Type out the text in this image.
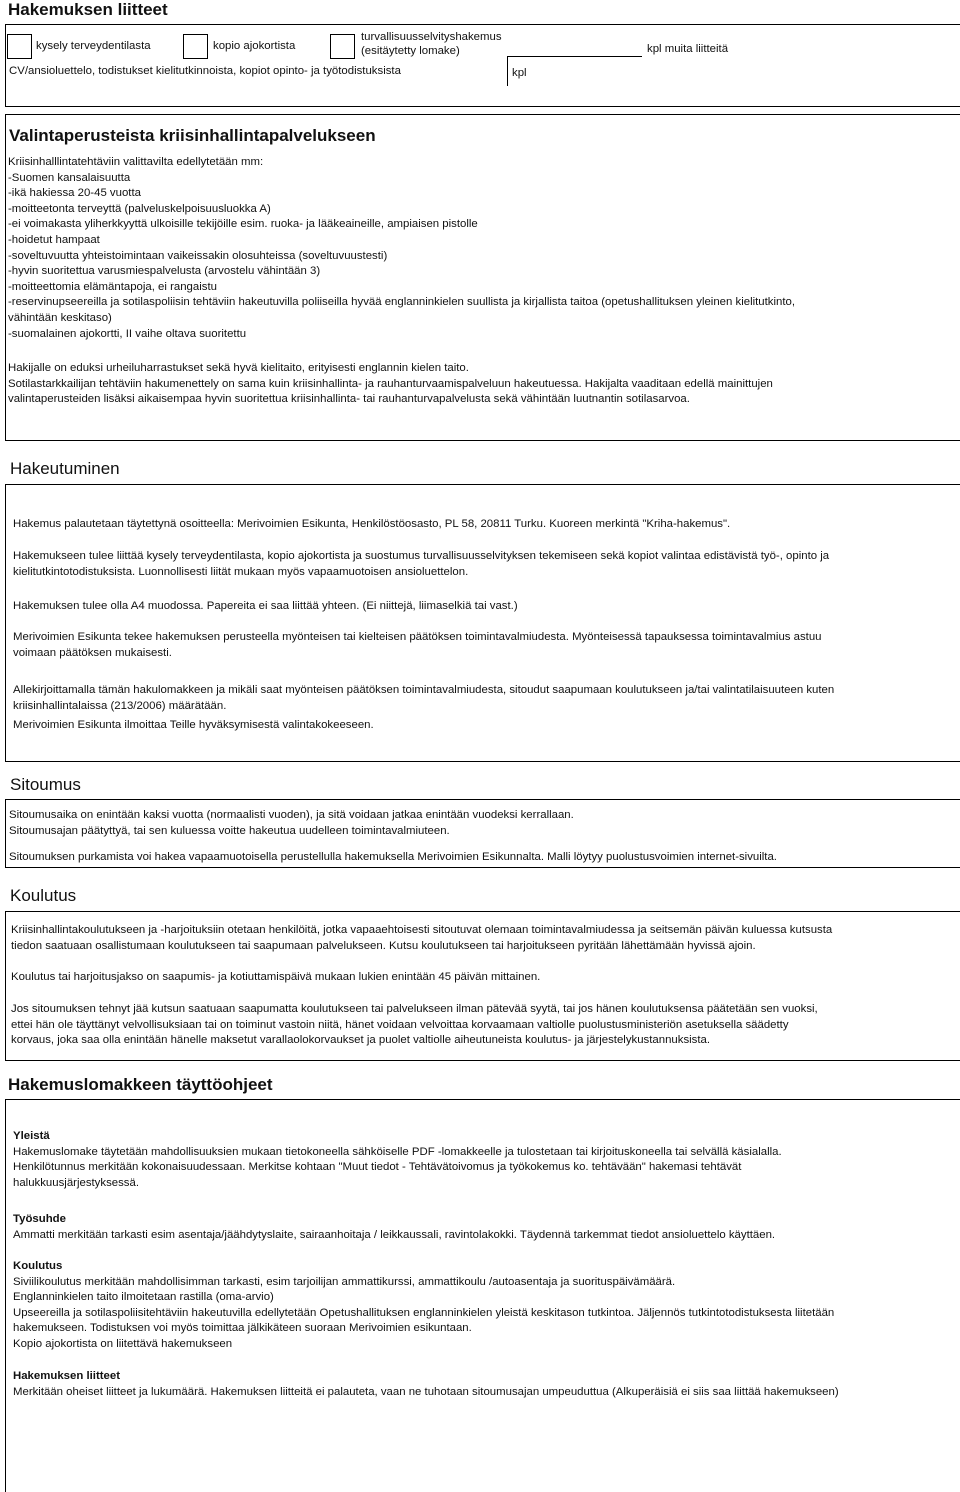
Hakemuksen liitteet
kysely terveydentilasta	kopio ajokortista
turvallisuusselvityshakemus
(esitäytetty lomake)	kpl muita liitteitä
CV/ansioluettelo, todistukset kielitutkinnoista, kopiot opinto- ja työtodistuksista	kpl
Valintaperusteista kriisinhallintapalvelukseen
Kriisinhalllintatehtäviin valittavilta edellytetään mm:
-Suomen kansalaisuutta
-ikä hakiessa 20-45 vuotta
-moitteetonta terveyttä (palveluskelpoisuusluokka A)
-ei voimakasta yliherkkyyttä ulkoisille tekijöille esim. ruoka- ja lääkeaineille, ampiaisen pistolle
-hoidetut hampaat
-soveltuvuutta yhteistoimintaan vaikeissakin olosuhteissa (soveltuvuustesti)
-hyvin suoritettua varusmiespalvelusta (arvostelu vähintään 3)
-moitteettomia elämäntapoja, ei rangaistu
-reservinupseereilla ja sotilaspoliisin tehtäviin hakeutuvilla poliiseilla hyvää englanninkielen suullista ja kirjallista taitoa (opetushallituksen yleinen kielitutkinto,
vähintään keskitaso)
-suomalainen ajokortti, II vaihe oltava suoritettu
Hakijalle on eduksi urheiluharrastukset sekä hyvä kielitaito, erityisesti englannin kielen taito.
Sotilastarkkailijan tehtäviin hakumenettely on sama kuin kriisinhallinta- ja rauhanturvaamispalveluun hakeutuessa. Hakijalta vaaditaan edellä mainittujen
valintaperusteiden lisäksi aikaisempaa hyvin suoritettua kriisinhallinta- tai rauhanturvapalvelusta sekä vähintään luutnantin sotilasarvoa.
Hakeutuminen
Hakemus palautetaan täytettynä osoitteella: Merivoimien Esikunta, Henkilöstöosasto, PL 58, 20811 Turku. Kuoreen merkintä "Kriha-hakemus".
Hakemukseen tulee liittää kysely terveydentilasta, kopio ajokortista ja suostumus turvallisuusselvityksen tekemiseen sekä kopiot valintaa edistävistä työ-, opinto ja
kielitutkintotodistuksista. Luonnollisesti liität mukaan myös vapaamuotoisen ansioluettelon.
Hakemuksen tulee olla A4 muodossa. Papereita ei saa liittää yhteen. (Ei niittejä, liimaselkiä tai vast.)
Merivoimien Esikunta tekee hakemuksen perusteella myönteisen tai kielteisen päätöksen toimintavalmiudesta. Myönteisessä tapauksessa toimintavalmius astuu
voimaan päätöksen mukaisesti.
Allekirjoittamalla tämän hakulomakkeen ja mikäli saat myönteisen päätöksen toimintavalmiudesta, sitoudut saapumaan koulutukseen ja/tai valintatilaisuuteen kuten
kriisinhallintalaissa (213/2006) määrätään.
Merivoimien Esikunta ilmoittaa Teille hyväksymisestä valintakokeeseen.
Sitoumus
Sitoumusaika on enintään kaksi vuotta (normaalisti vuoden), ja sitä voidaan jatkaa enintään vuodeksi kerrallaan.
Sitoumusajan päätyttyä, tai sen kuluessa voitte hakeutua uudelleen toimintavalmiuteen.
Sitoumuksen purkamista voi hakea vapaamuotoisella perustellulla hakemuksella Merivoimien Esikunnalta. Malli löytyy puolustusvoimien internet-sivuilta.
Koulutus
Kriisinhallintakoulutukseen ja -harjoituksiin otetaan henkilöitä, jotka vapaaehtoisesti sitoutuvat olemaan toimintavalmiudessa ja seitsemän päivän kuluessa kutsusta
tiedon saatuaan osallistumaan koulutukseen tai saapumaan palvelukseen. Kutsu koulutukseen tai harjoitukseen pyritään lähettämään hyvissä ajoin.
Koulutus tai harjoitusjakso on saapumis- ja kotiuttamispäivä mukaan lukien enintään 45 päivän mittainen.
Jos sitoumuksen tehnyt jää kutsun saatuaan saapumatta koulutukseen tai palvelukseen ilman pätevää syytä, tai jos hänen koulutuksensa päätetään sen vuoksi,
ettei hän ole täyttänyt velvollisuksiaan tai on toiminut vastoin niitä, hänet voidaan velvoittaa korvaamaan valtiolle puolustusministeriön asetuksella säädetty
korvaus, joka saa olla enintään hänelle maksetut varallaolokorvaukset ja puolet valtiolle aiheutuneista koulutus- ja järjestelykustannuksista.
Hakemuslomakkeen täyttöohjeet
Yleistä
Hakemuslomake täytetään mahdollisuuksien mukaan tietokoneella sähköiselle PDF -lomakkeelle ja tulostetaan tai kirjoituskoneella tai selvällä käsialalla.
Henkilötunnus merkitään kokonaisuudessaan. Merkitse kohtaan "Muut tiedot - Tehtävätoivomus ja työkokemus ko. tehtävään" hakemasi tehtävät
halukkuusjärjestyksessä.
Työsuhde
Ammatti merkitään tarkasti esim asentaja/jäähdytyslaite, sairaanhoitaja / leikkaussali, ravintolakokki. Täydennä tarkemmat tiedot ansioluettelo käyttäen.
Koulutus
Siviilikoulutus merkitään mahdollisimman tarkasti, esim tarjoilijan ammattikurssi, ammattikoulu /autoasentaja ja suorituspäivämäärä.
Englanninkielen taito ilmoitetaan rastilla (oma-arvio)
Upseereilla ja sotilaspoliisitehtäviin hakeutuvilla edellytetään Opetushallituksen englanninkielen yleistä keskitason tutkintoa. Jäljennös tutkintotodistuksesta liitetään
hakemukseen. Todistuksen voi myös toimittaa jälkikäteen suoraan Merivoimien esikuntaan.
Kopio ajokortista on liitettävä hakemukseen
Hakemuksen liitteet
Merkitään oheiset liitteet ja lukumäärä. Hakemuksen liitteitä ei palauteta, vaan ne tuhotaan sitoumusajan umpeuduttua (Alkuperäisiä ei siis saa liittää hakemukseen)
